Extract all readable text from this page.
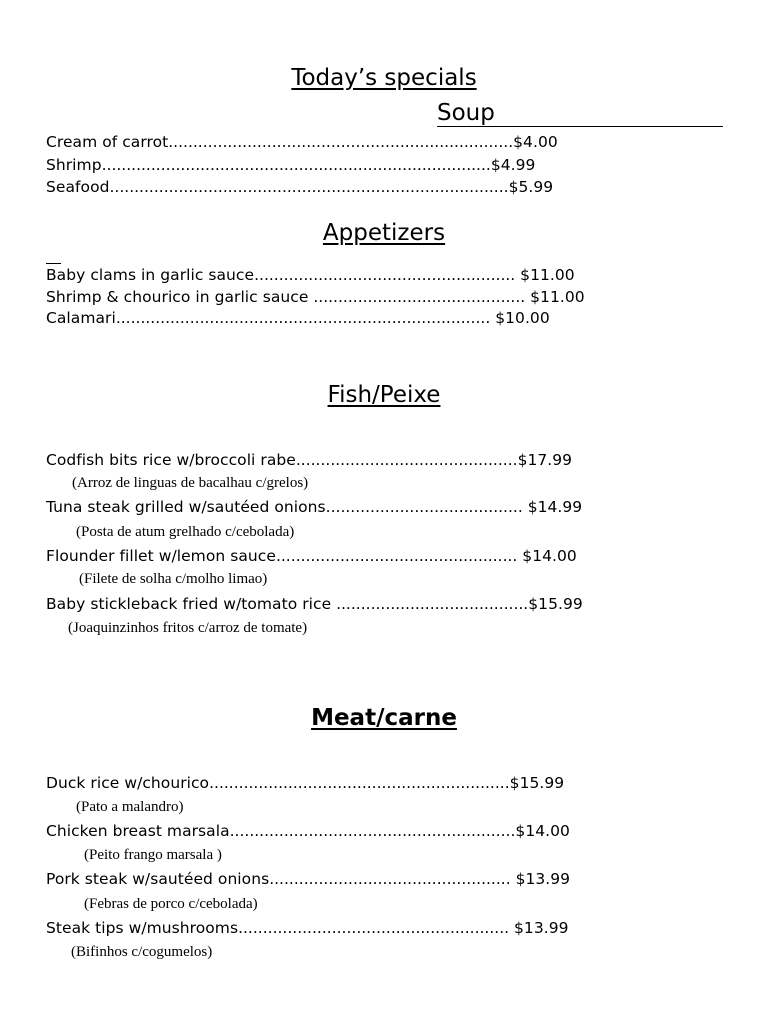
Today’s specials
Soup
Cream of carrot......................................................................$4.00
Shrimp...............................................................................$4.99
Seafood.................................................................................$5.99
Appetizers
Baby clams in garlic sauce..................................................... $11.00
Shrimp & chourico in garlic sauce ........................................... $11.00
Calamari............................................................................ $10.00
Fish/Peixe
Codfish bits rice w/broccoli rabe.............................................$17.99
(Arroz de linguas de bacalhau c/grelos)
Tuna steak grilled w/sautéed onions........................................ $14.99
(Posta de atum grelhado c/cebolada)
Flounder fillet w/lemon sauce................................................. $14.00
(Filete de solha c/molho limao)
Baby stickleback fried w/tomato rice .......................................$15.99
(Joaquinzinhos fritos c/arroz de tomate)
Meat/carne
Duck rice w/chourico.............................................................$15.99
(Pato a malandro)
Chicken breast marsala..........................................................$14.00
(Peito frango marsala )
Pork steak w/sautéed onions................................................. $13.99
(Febras de porco c/cebolada)
Steak tips w/mushrooms....................................................... $13.99
(Bifinhos c/cogumelos)
